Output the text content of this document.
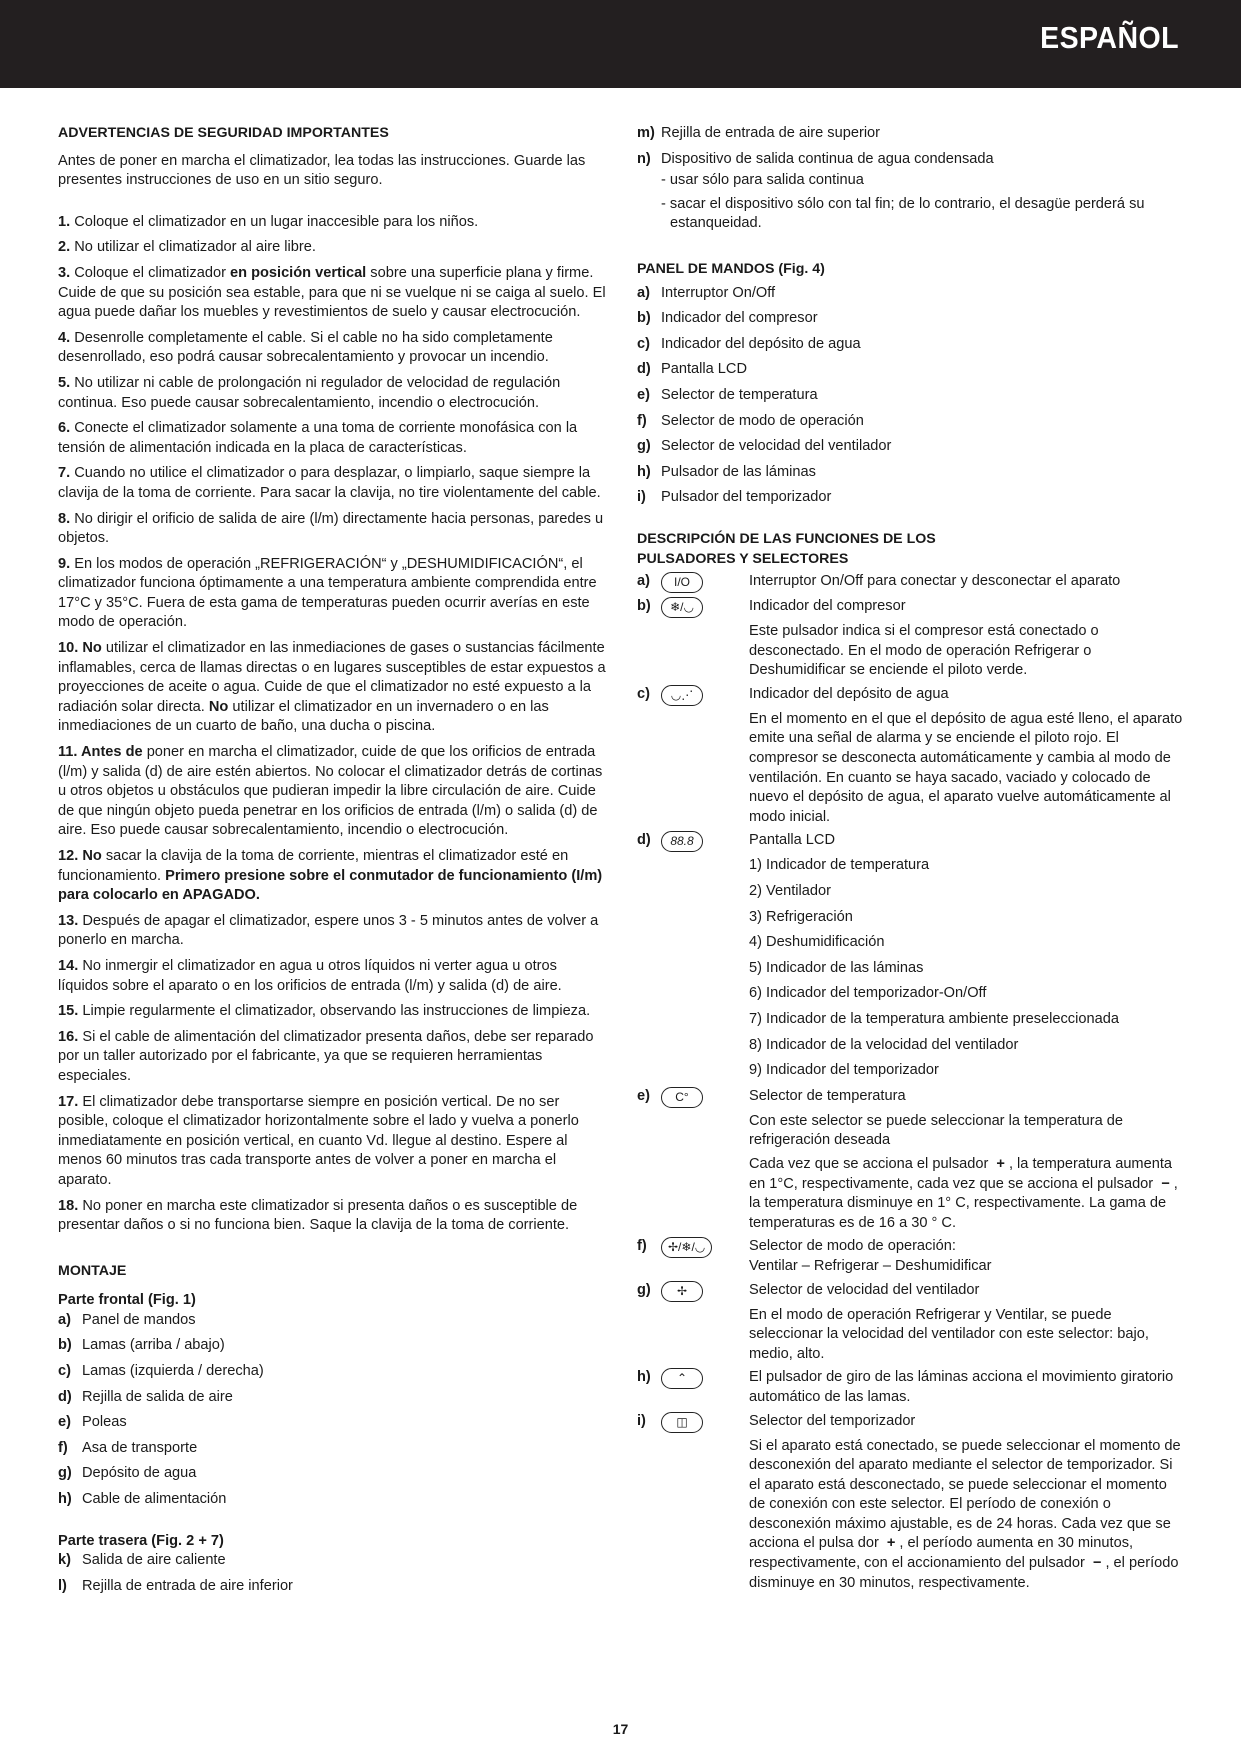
ESPAÑOL

ADVERTENCIAS DE SEGURIDAD IMPORTANTES

Antes de poner en marcha el climatizador, lea todas las instrucciones. Guarde las presentes instrucciones de uso en un sitio seguro.

1. Coloque el climatizador en un lugar inaccesible para los niños.

2. No utilizar el climatizador al aire libre.

3. Coloque el climatizador en posición vertical sobre una superficie plana y firme. Cuide de que su posición sea estable, para que ni se vuelque ni se caiga al suelo. El agua puede dañar los muebles y revestimientos de suelo y causar electrocución.

4. Desenrolle completamente el cable. Si el cable no ha sido completamente desenrollado, eso podrá causar sobrecalentamiento y provocar un incendio.

5. No utilizar ni cable de prolongación ni regulador de velocidad de regulación continua. Eso puede causar sobrecalentamiento, incendio o electrocución.

6. Conecte el climatizador solamente a una toma de corriente monofásica con la tensión de alimentación indicada en la placa de características.

7. Cuando no utilice el climatizador o para desplazar, o limpiarlo, saque siempre la clavija de la toma de corriente. Para sacar la clavija, no tire violentamente del cable.

8. No dirigir el orificio de salida de aire (l/m) directamente hacia personas, paredes u objetos.

9. En los modos de operación „REFRIGERACIÓN“ y „DESHUMIDIFICACIÓN“, el climatizador funciona óptimamente a una temperatura ambiente comprendida entre 17°C y 35°C. Fuera de esta gama de temperaturas pueden ocurrir averías en este modo de operación.

10. No utilizar el climatizador en las inmediaciones de gases o sustancias fácilmente inflamables, cerca de llamas directas o en lugares susceptibles de estar expuestos a proyecciones de aceite o agua. Cuide de que el climatizador no esté expuesto a la radiación solar directa. No utilizar el climatizador en un invernadero o en las inmediaciones de un cuarto de baño, una ducha o piscina.

11. Antes de poner en marcha el climatizador, cuide de que los orificios de entrada (l/m) y salida (d) de aire estén abiertos. No colocar el climatizador detrás de cortinas u otros objetos u obstáculos que pudieran impedir la libre circulación de aire. Cuide de que ningún objeto pueda penetrar en los orificios de entrada (l/m) o salida (d) de aire. Eso puede causar sobrecalentamiento, incendio o electrocución.

12. No sacar la clavija de la toma de corriente, mientras el climatizador esté en funcionamiento. Primero presione sobre el conmutador de funcionamiento (I/m) para colocarlo en APAGADO.

13. Después de apagar el climatizador, espere unos 3 - 5 minutos antes de volver a ponerlo en marcha.

14. No inmergir el climatizador en agua u otros líquidos ni verter agua u otros líquidos sobre el aparato o en los orificios de entrada (l/m) y salida (d) de aire.

15. Limpie regularmente el climatizador, observando las instrucciones de limpieza.

16. Si el cable de alimentación del climatizador presenta daños, debe ser reparado por un taller autorizado por el fabricante, ya que se requieren herramientas especiales.

17. El climatizador debe transportarse siempre en posición vertical. De no ser posible, coloque el climatizador horizontalmente sobre el lado y vuelva a ponerlo inmediatamente en posición vertical, en cuanto Vd. llegue al destino. Espere al menos 60 minutos tras cada transporte antes de volver a poner en marcha el aparato.

18. No poner en marcha este climatizador si presenta daños o es susceptible de presentar daños o si no funciona bien. Saque la clavija de la toma de corriente.

MONTAJE

Parte frontal (Fig. 1)

a) Panel de mandos
b) Lamas (arriba / abajo)
c) Lamas (izquierda / derecha)
d) Rejilla de salida de aire
e) Poleas
f) Asa de transporte
g) Depósito de agua
h) Cable de alimentación

Parte trasera (Fig. 2 + 7)

k) Salida de aire caliente
l)	Rejilla de entrada de aire inferior
m) Rejilla de entrada de aire superior
n) Dispositivo de salida continua de agua condensada

- usar sólo para salida continua

- sacar el dispositivo sólo con tal fin; de lo contrario, el desagüe perderá su estanqueidad.

PANEL DE MANDOS (Fig. 4)

a) Interruptor On/Off
b) Indicador del compresor
c) Indicador del depósito de agua
d) Pantalla LCD
e) Selector de temperatura
f) Selector de modo de operación
g) Selector de velocidad del ventilador
h) Pulsador de las láminas
i)	Pulsador del temporizador

DESCRIPCIÓN DE LAS FUNCIONES DE LOS

PULSADORES Y SELECTORES

a)	I/O	Interruptor On/Off para conectar y desconectar el aparato
b)	❄/◡	Indicador del compresor

Este pulsador indica si el compresor está conectado o desconectado. En el modo de operación Refrigerar o Deshumidificar se enciende el piloto verde.

c)	◡⋰	Indicador del depósito de agua

En el momento en el que el depósito de agua esté lleno, el aparato emite una señal de alarma y se enciende el piloto rojo. El compresor se desconecta automáticamente y cambia al modo de ventilación. En cuanto se haya sacado, vaciado y colocado de nuevo el depósito de agua, el aparato vuelve automáticamente al modo inicial.

d)	88.8	Pantalla LCD

1) Indicador de temperatura

2) Ventilador

3) Refrigeración

4) Deshumidificación

5) Indicador de las láminas

6) Indicador del temporizador-On/Off

7) Indicador de la temperatura ambiente preseleccionada

8) Indicador de la velocidad del ventilador

9) Indicador del temporizador

e)	C°	Selector de temperatura

Con este selector se puede seleccionar la temperatura de refrigeración deseada

Cada vez que se acciona el pulsador + , la temperatura aumenta en 1°C, respectivamente, cada vez que se acciona el pulsador − , la temperatura disminuye en 1° C, respectivamente. La gama de temperaturas es de 16 a 30 ° C.

f)	✢/❄/◡	Selector de modo de operación:
Ventilar – Refrigerar – Deshumidificar
g)	✢	Selector de velocidad del ventilador

En el modo de operación Refrigerar y Ventilar, se puede seleccionar la velocidad del ventilador con este selector: bajo, medio, alto.

h)	⌃	El pulsador de giro de las láminas acciona el movimiento giratorio automático de las lamas.
i)	◫	Selector del temporizador

Si el aparato está conectado, se puede seleccionar el momento de desconexión del aparato mediante el selector de temporizador. Si el aparato está desconectado, se puede seleccionar el momento de conexión con este selector. El período de conexión o desconexión máximo ajustable, es de 24 horas. Cada vez que se acciona el pulsa dor + , el período aumenta en 30 minutos, respectivamente, con el accionamiento del pulsador − , el período disminuye en 30 minutos, respectivamente.

17
